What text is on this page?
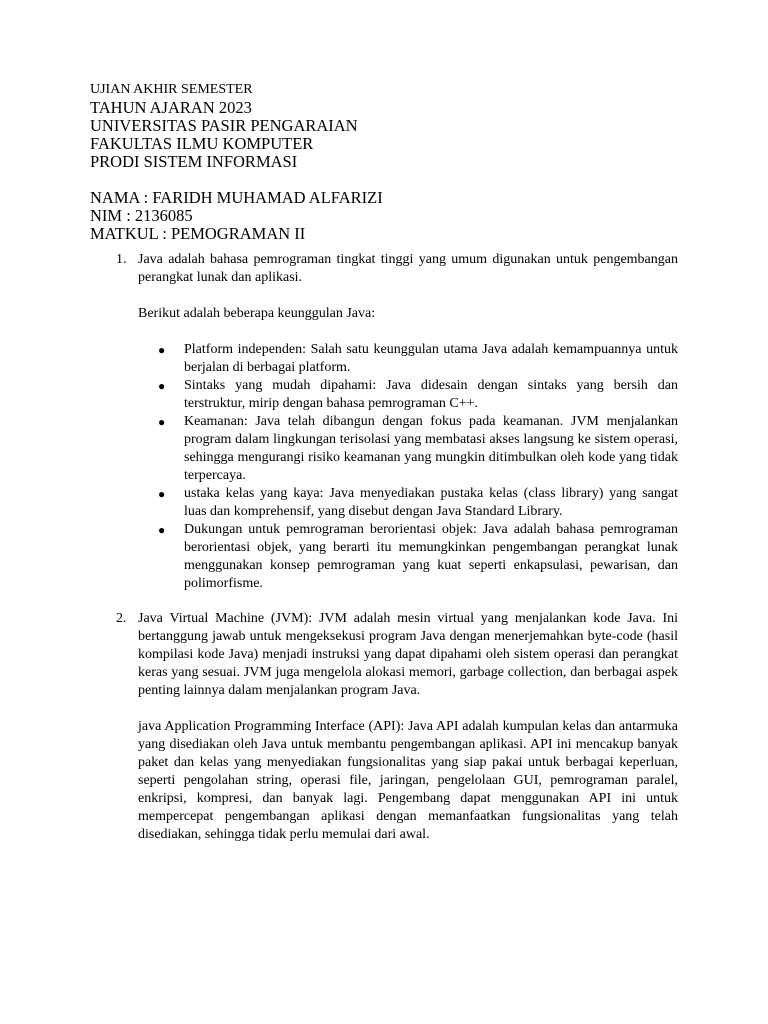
UJIAN AKHIR SEMESTER

TAHUN AJARAN 2023

UNIVERSITAS PASIR PENGARAIAN

FAKULTAS ILMU KOMPUTER

PRODI SISTEM INFORMASI

NAMA : FARIDH MUHAMAD ALFARIZI

NIM : 2136085

MATKUL : PEMOGRAMAN II

1. Java adalah bahasa pemrograman tingkat tinggi yang umum digunakan untuk pengembangan perangkat lunak dan aplikasi.

Berikut adalah beberapa keunggulan Java:

● Platform independen: Salah satu keunggulan utama Java adalah kemampuannya untuk berjalan di berbagai platform.
● Sintaks yang mudah dipahami: Java didesain dengan sintaks yang bersih dan terstruktur, mirip dengan bahasa pemrograman C++.
● Keamanan: Java telah dibangun dengan fokus pada keamanan. JVM menjalankan program dalam lingkungan terisolasi yang membatasi akses langsung ke sistem operasi, sehingga mengurangi risiko keamanan yang mungkin ditimbulkan oleh kode yang tidak terpercaya.
● ustaka kelas yang kaya: Java menyediakan pustaka kelas (class library) yang sangat luas dan komprehensif, yang disebut dengan Java Standard Library.
● Dukungan untuk pemrograman berorientasi objek: Java adalah bahasa pemrograman berorientasi objek, yang berarti itu memungkinkan pengembangan perangkat lunak menggunakan konsep pemrograman yang kuat seperti enkapsulasi, pewarisan, dan polimorfisme.
2. Java Virtual Machine (JVM): JVM adalah mesin virtual yang menjalankan kode Java. Ini bertanggung jawab untuk mengeksekusi program Java dengan menerjemahkan byte-code (hasil kompilasi kode Java) menjadi instruksi yang dapat dipahami oleh sistem operasi dan perangkat keras yang sesuai. JVM juga mengelola alokasi memori, garbage collection, dan berbagai aspek penting lainnya dalam menjalankan program Java.

java Application Programming Interface (API): Java API adalah kumpulan kelas dan antarmuka yang disediakan oleh Java untuk membantu pengembangan aplikasi. API ini mencakup banyak paket dan kelas yang menyediakan fungsionalitas yang siap pakai untuk berbagai keperluan, seperti pengolahan string, operasi file, jaringan, pengelolaan GUI, pemrograman paralel, enkripsi, kompresi, dan banyak lagi. Pengembang dapat menggunakan API ini untuk mempercepat pengembangan aplikasi dengan memanfaatkan fungsionalitas yang telah disediakan, sehingga tidak perlu memulai dari awal.
